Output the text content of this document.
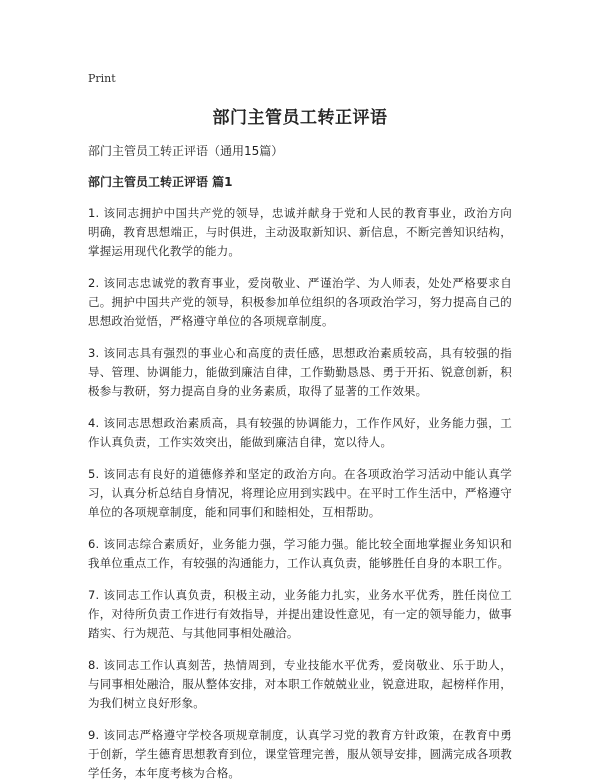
Print
部门主管员工转正评语
部门主管员工转正评语（通用15篇）
部门主管员工转正评语 篇1

1. 该同志拥护中国共产党的领导，忠诚并献身于党和人民的教育事业，政治方向明确，教育思想端正，与时俱进，主动汲取新知识、新信息，不断完善知识结构，掌握运用现代化教学的能力。

2. 该同志忠诚党的教育事业，爱岗敬业、严谨治学、为人师表，处处严格要求自己。拥护中国共产党的领导，积极参加单位组织的各项政治学习，努力提高自己的思想政治觉悟，严格遵守单位的各项规章制度。

3. 该同志具有强烈的事业心和高度的责任感，思想政治素质较高，具有较强的指导、管理、协调能力，能做到廉洁自律，工作勤勤恳恳、勇于开拓、锐意创新，积极参与教研，努力提高自身的业务素质，取得了显著的工作效果。

4. 该同志思想政治素质高，具有较强的协调能力，工作作风好，业务能力强，工作认真负责，工作实效突出，能做到廉洁自律，宽以待人。

5. 该同志有良好的道德修养和坚定的政治方向。在各项政治学习活动中能认真学习，认真分析总结自身情况，将理论应用到实践中。在平时工作生活中，严格遵守单位的各项规章制度，能和同事们和睦相处，互相帮助。

6. 该同志综合素质好，业务能力强，学习能力强。能比较全面地掌握业务知识和我单位重点工作，有较强的沟通能力，工作认真负责，能够胜任自身的本职工作。

7. 该同志工作认真负责，积极主动，业务能力扎实，业务水平优秀，胜任岗位工作，对待所负责工作进行有效指导，并提出建设性意见，有一定的领导能力，做事踏实、行为规范、与其他同事相处融洽。

8. 该同志工作认真刻苦，热情周到，专业技能水平优秀，爱岗敬业、乐于助人，与同事相处融洽，服从整体安排，对本职工作兢兢业业，锐意进取，起榜样作用，为我们树立良好形象。

9. 该同志严格遵守学校各项规章制度，认真学习党的教育方针政策，在教育中勇于创新，学生德育思想教育到位，课堂管理完善，服从领导安排，圆满完成各项教学任务，本年度考核为合格。
